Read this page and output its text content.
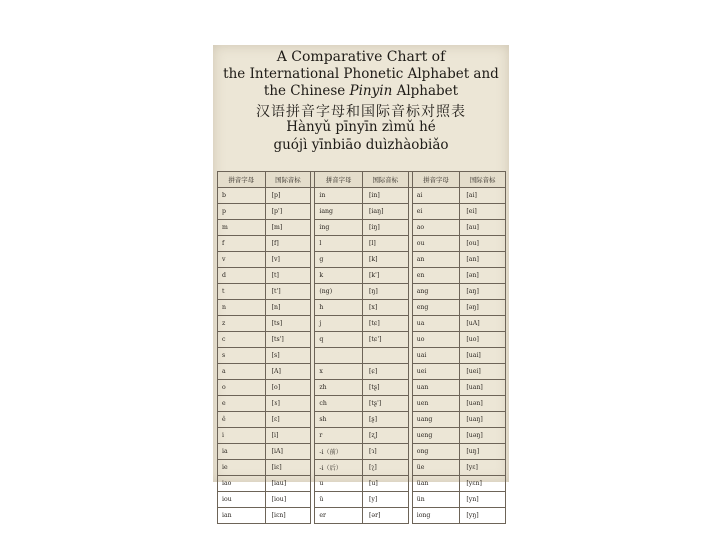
A Comparative Chart of
the International Phonetic Alphabet and
the Chinese Pinyin Alphabet
汉语拼音字母和国际音标对照表
Hànyǔ pīnyīn zìmǔ hé
guójì yīnbiāo duìzhàobiǎo
拼音字母	国际音标		拼音字母	国际音标		拼音字母	国际音标
b	[p]		in	[in]		ai	[ai]
p	[p']		iang	[iaŋ]		ei	[ei]
m	[m]		ing	[iŋ]		ao	[au]
f	[f]		l	[l]		ou	[ou]
v	[v]		g	[k]		an	[an]
d	[t]		k	[k']		en	[ən]
t	[t']		(ng)	[ŋ]		ang	[aŋ]
n	[n]		h	[x]		eng	[əŋ]
z	[ts]		j	[tɕ]		ua	[uA]
c	[ts']		q	[tɕ']		uo	[uo]
s	[s]					uai	[uai]
a	[A]		x	[ɕ]		uei	[uei]
o	[o]		zh	[tʂ]		uan	[uan]
e	[ɤ]		ch	[tʂ']		uen	[uən]
ê	[ɛ]		sh	[ʂ]		uang	[uaŋ]
i	[i]		r	[ʐ]		ueng	[uəŋ]
ia	[iA]		-i（前）	[ɿ]		ong	[uŋ]
ie	[iɛ]		-i（后）	[ʅ]		üe	[yɛ]
iao	[iau]		u	[u]		üan	[yɛn]
iou	[iou]		ü	[y]		ün	[yn]
ian	[iɛn]		er	[ər]		iong	[yŋ]
